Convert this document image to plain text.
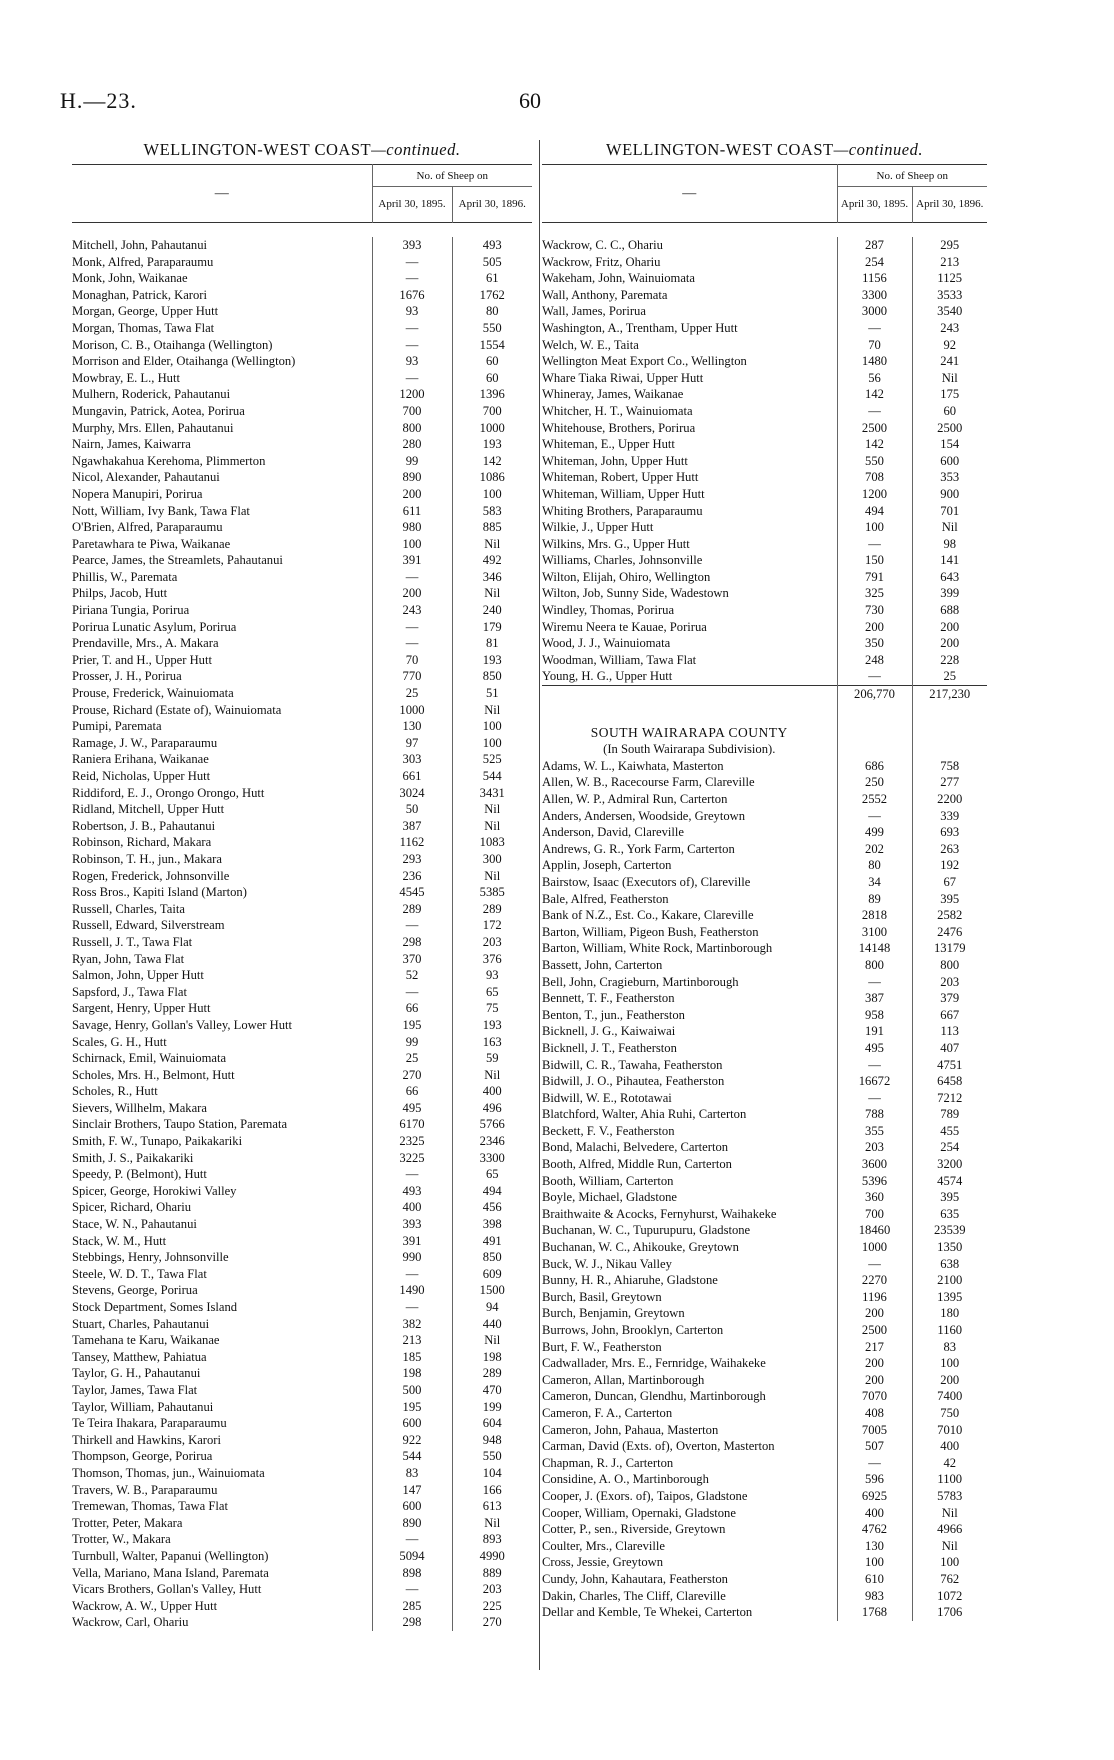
H.—23.	60
WELLINGTON-WEST COAST—continued.
—	No. of Sheep on	
	April 30, 1895.	April 30, 1896.
Mitchell, John, Pahautanui	393	493
Monk, Alfred, Paraparaumu	—	505
Monk, John, Waikanae	—	61
Monaghan, Patrick, Karori	1676	1762
Morgan, George, Upper Hutt	93	80
Morgan, Thomas, Tawa Flat	—	550
Morison, C. B., Otaihanga (Wellington)	—	1554
Morrison and Elder, Otaihanga (Wellington)	93	60
Mowbray, E. L., Hutt	—	60
Mulhern, Roderick, Pahautanui	1200	1396
Mungavin, Patrick, Aotea, Porirua	700	700
Murphy, Mrs. Ellen, Pahautanui	800	1000
Nairn, James, Kaiwarra	280	193
Ngawhakahua Kerehoma, Plimmerton	99	142
Nicol, Alexander, Pahautanui	890	1086
Nopera Manupiri, Porirua	200	100
Nott, William, Ivy Bank, Tawa Flat	611	583
O'Brien, Alfred, Paraparaumu	980	885
Paretawhara te Piwa, Waikanae	100	Nil
Pearce, James, the Streamlets, Pahautanui	391	492
Phillis, W., Paremata	—	346
Philps, Jacob, Hutt	200	Nil
Piriana Tungia, Porirua	243	240
Porirua Lunatic Asylum, Porirua	—	179
Prendaville, Mrs., A. Makara	—	81
Prier, T. and H., Upper Hutt	70	193
Prosser, J. H., Porirua	770	850
Prouse, Frederick, Wainuiomata	25	51
Prouse, Richard (Estate of), Wainuiomata	1000	Nil
Pumipi, Paremata	130	100
Ramage, J. W., Paraparaumu	97	100
Raniera Erihana, Waikanae	303	525
Reid, Nicholas, Upper Hutt	661	544
Riddiford, E. J., Orongo Orongo, Hutt	3024	3431
Ridland, Mitchell, Upper Hutt	50	Nil
Robertson, J. B., Pahautanui	387	Nil
Robinson, Richard, Makara	1162	1083
Robinson, T. H., jun., Makara	293	300
Rogen, Frederick, Johnsonville	236	Nil
Ross Bros., Kapiti Island (Marton)	4545	5385
Russell, Charles, Taita	289	289
Russell, Edward, Silverstream	—	172
Russell, J. T., Tawa Flat	298	203
Ryan, John, Tawa Flat	370	376
Salmon, John, Upper Hutt	52	93
Sapsford, J., Tawa Flat	—	65
Sargent, Henry, Upper Hutt	66	75
Savage, Henry, Gollan's Valley, Lower Hutt	195	193
Scales, G. H., Hutt	99	163
Schirnack, Emil, Wainuiomata	25	59
Scholes, Mrs. H., Belmont, Hutt	270	Nil
Scholes, R., Hutt	66	400
Sievers, Willhelm, Makara	495	496
Sinclair Brothers, Taupo Station, Paremata	6170	5766
Smith, F. W., Tunapo, Paikakariki	2325	2346
Smith, J. S., Paikakariki	3225	3300
Speedy, P. (Belmont), Hutt	—	65
Spicer, George, Horokiwi Valley	493	494
Spicer, Richard, Ohariu	400	456
Stace, W. N., Pahautanui	393	398
Stack, W. M., Hutt	391	491
Stebbings, Henry, Johnsonville	990	850
Steele, W. D. T., Tawa Flat	—	609
Stevens, George, Porirua	1490	1500
Stock Department, Somes Island	—	94
Stuart, Charles, Pahautanui	382	440
Tamehana te Karu, Waikanae	213	Nil
Tansey, Matthew, Pahiatua	185	198
Taylor, G. H., Pahautanui	198	289
Taylor, James, Tawa Flat	500	470
Taylor, William, Pahautanui	195	199
Te Teira Ihakara, Paraparaumu	600	604
Thirkell and Hawkins, Karori	922	948
Thompson, George, Porirua	544	550
Thomson, Thomas, jun., Wainuiomata	83	104
Travers, W. B., Paraparaumu	147	166
Tremewan, Thomas, Tawa Flat	600	613
Trotter, Peter, Makara	890	Nil
Trotter, W., Makara	—	893
Turnbull, Walter, Papanui (Wellington)	5094	4990
Vella, Mariano, Mana Island, Paremata	898	889
Vicars Brothers, Gollan's Valley, Hutt	—	203
Wackrow, A. W., Upper Hutt	285	225
Wackrow, Carl, Ohariu	298	270
WELLINGTON-WEST COAST—continued.
—	No. of Sheep on	
	April 30, 1895.	April 30, 1896.
Wackrow, C. C., Ohariu	287	295
Wackrow, Fritz, Ohariu	254	213
Wakeham, John, Wainuiomata	1156	1125
Wall, Anthony, Paremata	3300	3533
Wall, James, Porirua	3000	3540
Washington, A., Trentham, Upper Hutt	—	243
Welch, W. E., Taita	70	92
Wellington Meat Export Co., Wellington	1480	241
Whare Tiaka Riwai, Upper Hutt	56	Nil
Whineray, James, Waikanae	142	175
Whitcher, H. T., Wainuiomata	—	60
Whitehouse, Brothers, Porirua	2500	2500
Whiteman, E., Upper Hutt	142	154
Whiteman, John, Upper Hutt	550	600
Whiteman, Robert, Upper Hutt	708	353
Whiteman, William, Upper Hutt	1200	900
Whiting Brothers, Paraparaumu	494	701
Wilkie, J., Upper Hutt	100	Nil
Wilkins, Mrs. G., Upper Hutt	—	98
Williams, Charles, Johnsonville	150	141
Wilton, Elijah, Ohiro, Wellington	791	643
Wilton, Job, Sunny Side, Wadestown	325	399
Windley, Thomas, Porirua	730	688
Wiremu Neera te Kauae, Porirua	200	200
Wood, J. J., Wainuiomata	350	200
Woodman, William, Tawa Flat	248	228
Young, H. G., Upper Hutt	—	25
	206,770	217,230

SOUTH WAIRARAPA COUNTY		
(In South Wairarapa Subdivision).		
Adams, W. L., Kaiwhata, Masterton	686	758
Allen, W. B., Racecourse Farm, Clareville	250	277
Allen, W. P., Admiral Run, Carterton	2552	2200
Anders, Andersen, Woodside, Greytown	—	339
Anderson, David, Clareville	499	693
Andrews, G. R., York Farm, Carterton	202	263
Applin, Joseph, Carterton	80	192
Bairstow, Isaac (Executors of), Clareville	34	67
Bale, Alfred, Featherston	89	395
Bank of N.Z., Est. Co., Kakare, Clareville	2818	2582
Barton, William, Pigeon Bush, Featherston	3100	2476
Barton, William, White Rock, Martinborough	14148	13179
Bassett, John, Carterton	800	800
Bell, John, Cragieburn, Martinborough	—	203
Bennett, T. F., Featherston	387	379
Benton, T., jun., Featherston	958	667
Bicknell, J. G., Kaiwaiwai	191	113
Bicknell, J. T., Featherston	495	407
Bidwill, C. R., Tawaha, Featherston	—	4751
Bidwill, J. O., Pihautea, Featherston	16672	6458
Bidwill, W. E., Rototawai	—	7212
Blatchford, Walter, Ahia Ruhi, Carterton	788	789
Beckett, F. V., Featherston	355	455
Bond, Malachi, Belvedere, Carterton	203	254
Booth, Alfred, Middle Run, Carterton	3600	3200
Booth, William, Carterton	5396	4574
Boyle, Michael, Gladstone	360	395
Braithwaite & Acocks, Fernyhurst, Waihakeke	700	635
Buchanan, W. C., Tupurupuru, Gladstone	18460	23539
Buchanan, W. C., Ahikouke, Greytown	1000	1350
Buck, W. J., Nikau Valley	—	638
Bunny, H. R., Ahiaruhe, Gladstone	2270	2100
Burch, Basil, Greytown	1196	1395
Burch, Benjamin, Greytown	200	180
Burrows, John, Brooklyn, Carterton	2500	1160
Burt, F. W., Featherston	217	83
Cadwallader, Mrs. E., Fernridge, Waihakeke	200	100
Cameron, Allan, Martinborough	200	200
Cameron, Duncan, Glendhu, Martinborough	7070	7400
Cameron, F. A., Carterton	408	750
Cameron, John, Pahaua, Masterton	7005	7010
Carman, David (Exts. of), Overton, Masterton	507	400
Chapman, R. J., Carterton	—	42
Considine, A. O., Martinborough	596	1100
Cooper, J. (Exors. of), Taipos, Gladstone	6925	5783
Cooper, William, Opernaki, Gladstone	400	Nil
Cotter, P., sen., Riverside, Greytown	4762	4966
Coulter, Mrs., Clareville	130	Nil
Cross, Jessie, Greytown	100	100
Cundy, John, Kahautara, Featherston	610	762
Dakin, Charles, The Cliff, Clareville	983	1072
Dellar and Kemble, Te Whekei, Carterton	1768	1706
